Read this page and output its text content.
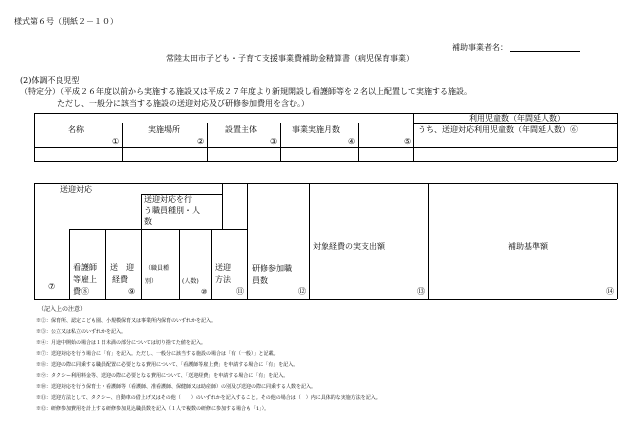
様式第６号（別紙２－１０）
補助事業者名：
常陸太田市子ども・子育て支援事業費補助金精算書（病児保育事業）
(2)体調不良児型
（特定分）（平成２６年度以前から実施する施設又は平成２７年度より新規開設し看護師等を２名以上配置して実施する施設。
ただし、一般分に該当する施設の送迎対応及び研修参加費用を含む。）
名称
①
実施場所
②
設置主体
③
事業実施月数
④
利用児童数（年間延人数）
⑤
うち、送迎対応利用児童数（年間延人数）⑥
送迎対応
⑦
看護師
等雇上
費⑧
送　迎
経費
⑨
送迎対応を行
う職員種別・人
数
（職員種
別）	(人数)
⑩
送迎
方法
⑪
研修参加職
員数
⑫
対象経費の実支出額
⑬
補助基準額
⑭
（記入上の注意）
※②：保育所、認定こども園、小規模保育又は事業所内保育のいずれかを記入。
※③：公立又は私立のいずれかを記入。
※④：月途中開始の場合は１日未満の部分については切り捨てた値を記入。
※⑦：送迎対応を行う場合に「有」を記入。ただし、一般分に該当する施設の場合は「有（一般）」と記載。
※⑧：送迎の際に同乗する職員配置に必要となる費用について、「看護師等雇上費」を申請する場合に「有」を記入。
※⑨：タクシー利用料金等、送迎の際に必要となる費用について、「送迎経費」を申請する場合に「有」を記入。
※⑩：送迎対応を行う保育士・看護師等（看護師、准看護師、保健師又は助産師）の別及び送迎の際に同乗する人数を記入。
※⑪：送迎方法として、タクシー、自動車の借上げ又はその他（　　）のいずれかを記入すること。その他の場合は（　）内に具体的な実施方法を記入。
※⑫：研修参加費用を計上する研修参加見込職員数を記入（１人で複数の研修に参加する場合も「1」）。
